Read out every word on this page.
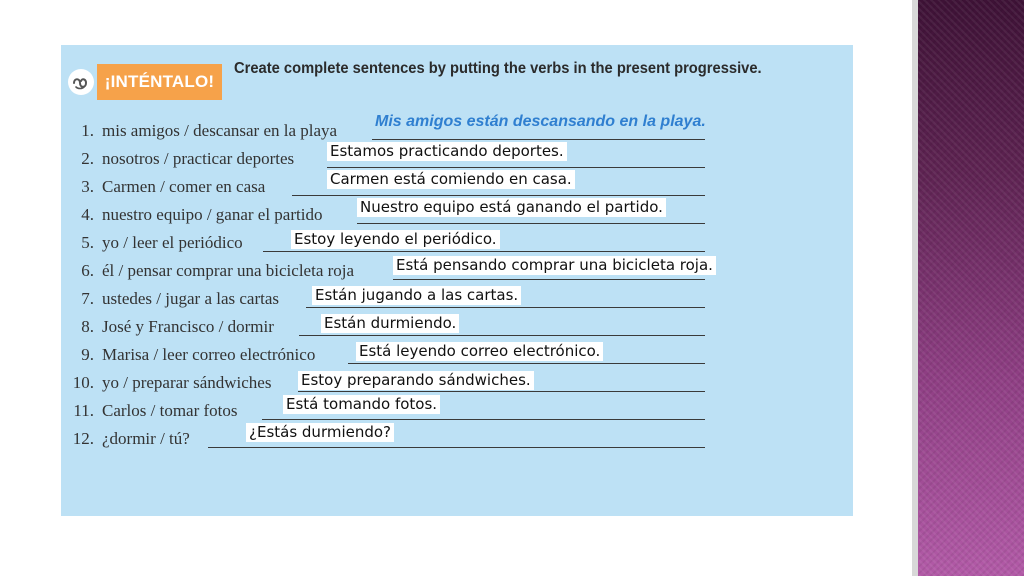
¡INTÉNTALO!
Create complete sentences by putting the verbs in the present progressive.
1. mis amigos / descansar en la playa Mis amigos están descansando en la playa.
2. nosotros / practicar deportes Estamos practicando deportes.
3. Carmen / comer en casa	Carmen está comiendo en casa.
4. nuestro equipo / ganar el partido	Nuestro equipo está ganando el partido.
5. yo / leer el periódico	Estoy leyendo el periódico.
6. él / pensar comprar una bicicleta roja	Está pensando comprar una bicicleta roja.
7. ustedes / jugar a las cartas Están jugando a las cartas.
8. José y Francisco / dormir	Están durmiendo.
9. Marisa / leer correo electrónico	Está leyendo correo electrónico.
10. yo / preparar sándwiches Estoy preparando sándwiches.
11. Carlos / tomar fotos	Está tomando fotos.
12. ¿dormir / tú?	¿Estás durmiendo?
